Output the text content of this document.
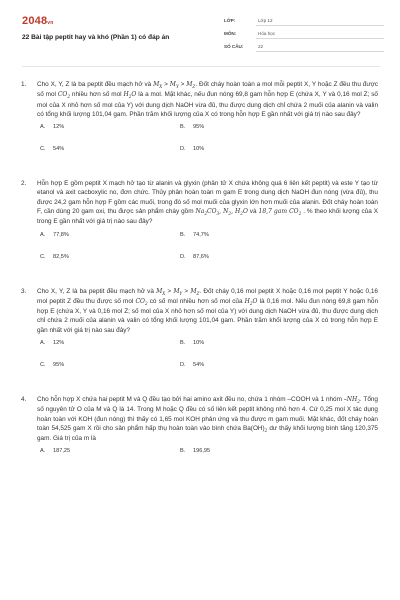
2048vn
22 Bài tập peptit hay và khó (Phần 1) có đáp án
LỚP:	Lớp 12
MÔN:	Hóa học
SỐ CÂU:	22
1. Cho X, Y, Z là ba peptit đều mạch hở và $M_X > M_Y > M_Z$. Đốt cháy hoàn toàn a mol mỗi peptit X, Y hoặc Z đều thu được số mol $CO_2$ nhiều hơn số mol $H_2O$ là a mol. Mặt khác, nếu đun nóng 69,8 gam hỗn hợp E (chứa X, Y và 0,16 mol Z; số mol của X nhỏ hơn số mol của Y) với dung dịch NaOH vừa đủ, thu được dung dịch chỉ chứa 2 muối của alanin và valin có tổng khối lượng 101,04 gam. Phần trăm khối lượng của X có trong hỗn hợp E gần nhất với giá trị nào sau đây?
A.	12%	B.	95%
C.	54%	D.	10%
2. Hỗn hợp E gồm peptit X mạch hở tạo từ alanin và glyxin (phân tử X chứa không quá 6 liên kết peptit) và este Y tạo từ etanol và axit cacboxylic no, đơn chức. Thủy phân hoàn toàn m gam E trong dung dịch NaOH đun nóng (vừa đủ), thu được 24,2 gam hỗn hợp F gồm các muối, trong đó số mol muối của glyxin lớn hơn muối của alanin. Đốt cháy hoàn toàn F, cần dùng 20 gam oxi, thu được sản phẩm cháy gồm $Na_2CO_3$, $N_2$, $H_2O$ và 18,7 gam $CO_2$ . % theo khối lượng của X trong E gần nhất với giá trị nào sau đây?
A.	77,8%	B.	74,7%
C.	82,5%	D.	87,6%
3. Cho X, Y, Z là ba peptit đều mạch hở và $M_X > M_Y > M_Z$. Đốt cháy 0,16 mol peptit X hoặc 0,16 mol peptit Y hoặc 0,16 mol peptit Z đều thu được số mol $CO_2$ có số mol nhiều hơn số mol của $H_2O$ là 0,16 mol. Nếu đun nóng 69,8 gam hỗn hợp E (chứa X, Y và 0,16 mol Z; số mol của X nhỏ hơn số mol của Y) với dung dịch NaOH vừa đủ, thu được dung dịch chỉ chứa 2 muối của alanin và valin có tổng khối lượng 101,04 gam. Phần trăm khối lượng của X có trong hỗn hợp E gần nhất với giá trị nào sau đây?
A.	12%	B.	10%
C.	95%	D.	54%
4. Cho hỗn hợp X chứa hai peptit M và Q đều tạo bởi hai amino axit đều no, chứa 1 nhóm –COOH và 1 nhóm $-NH_2$. Tổng số nguyên tử O của M và Q là 14. Trong M hoặc Q đều có số liên kết peptit không nhỏ hơn 4. Cứ 0,25 mol X tác dụng hoàn toàn với KOH (đun nóng) thì thấy có 1,65 mol KOH phản ứng và thu được m gam muối. Mặt khác, đốt cháy hoàn toàn 54,525 gam X rồi cho sản phẩm hấp thụ hoàn toàn vào bình chứa $Ba(OH)_2$ dư thấy khối lượng bình tăng 120,375 gam. Giá trị của m là
A.	187,25	B.	196,95
